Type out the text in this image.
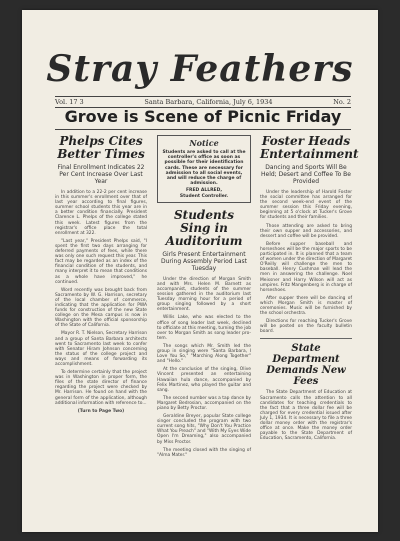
Stray Feathers
Vol. 17 3	Santa Barbara, California, July 6, 1934	No. 2
Grove is Scene of Picnic Friday
Phelps Cites Better Times
Final Enrollment Indicates 22 Per Cent Increase Over Last Year

In addition to a 22-2 per cent increase in this summer's enrollment over that of last year according to final figures, summer school students this year are in a better condition financially. President Clarence L. Phelps of the college stated this week. Latest figures from the registrar's office place the total enrollment at 322.

"Last year," President Phelps said, "I spent the first two days arranging for deferred payments of fees, while there was only one such request this year. This fact may be regarded as an index of the financial condition of the students, and many interpret it to mean that conditions as a whole have improved," he continued.

Word recently was brought back from Sacramento by W. G. Harrison, secretary of the local chamber of commerce, indicating that the application for PWA funds for construction of the new State college on the Mesa campus is now in Washington with the official sponsorship of the State of California.

Mayor R. T. Nielson, Secretary Harrison and a group of Santa Barbara architects went to Sacramento last week to confer with Senator Hiram Johnson concerning the status of the college project and ways and means of forwarding its accomplishment.

To determine certainly that the project was in Washington in proper form, the files of the state director of finance regarding the project were checked by Mr. Harrison. He found on hand with the general form of the application, although additional information with reference to...

(Turn to Page Two)
Notice
Students are asked to call at the controller's office as soon as possible for their identification cards. These are necessary for admission to all social events, and will reduce the charge of admission.
FRED ALLRED,
Student Controller.
Students Sing in Auditorium
Girls Present Entertainment During Assembly Period Last Tuesday

Under the direction of Morgan Smith and with Mrs. Helen M. Barnett as accompanist, students of the summer session gathered in the auditorium last Tuesday morning hour for a period of group singing followed by a short entertainment.

Willis Lake, who was elected to the office of song leader last week, declined to officiate at this meeting, turning the job over to Morgan Smith as song leader pro-tem.

The songs which Mr. Smith led the group in singing were "Santa Barbara, I Love You So," "Marching Along Together" and "Hello."

At the conclusion of the singing, Olive Vincent presented an entertaining Hawaiian hula dance, accompanied by Felix Martinez, who played the guitar and sang.

The second number was a tap dance by Margaret Bedrosian, accompanied on the piano by Betty Proctor.

Geraldine Breyer, popular State college singer concluded the program with two current song hits, "Why Don't You Practice What You Preach" and "With My Eyes Wide Open I'm Dreaming," also accompanied by Miss Proctor.

The meeting closed with the singing of "Alma Mater."

Foster Heads Entertainment
Dancing and Sports Will Be Held; Desert and Coffee To Be Provided

Under the leadership of Harold Foster the social committee has arranged for the second week-end event of the summer session this Friday evening, beginning at 5 o'clock at Tucker's Grove for students and their families.

Those attending are asked to bring their own supper and accessories, and dessert and coffee will be provided.

Before supper baseball and horseshoes will be the major sports to be participated in. It is planned that a team of women under the direction of Margaret O'Reilly will challenge the men to baseball. Henry Cushman will lead the men in answering the challenge. Noel Meissner and Harry Wilson will act as umpires. Fritz Mangenberg is in charge of horseshoes.

After supper there will be dancing of which Morgan Smith is master of ceremonies. Music will be furnished by the school orchestra.

Directions for reaching Tucker's Grove will be posted on the faculty bulletin board.

State Department Demands New Fees

The State Department of Education at Sacramento calls the attention to all candidates for teaching credentials to the fact that a three dollar fee will be charged for every credential issued after July 1, 1934. It is necessary to file a three dollar money order with the registrar's office at once. Make the money order payable to the State Department of Education, Sacramento, California.
